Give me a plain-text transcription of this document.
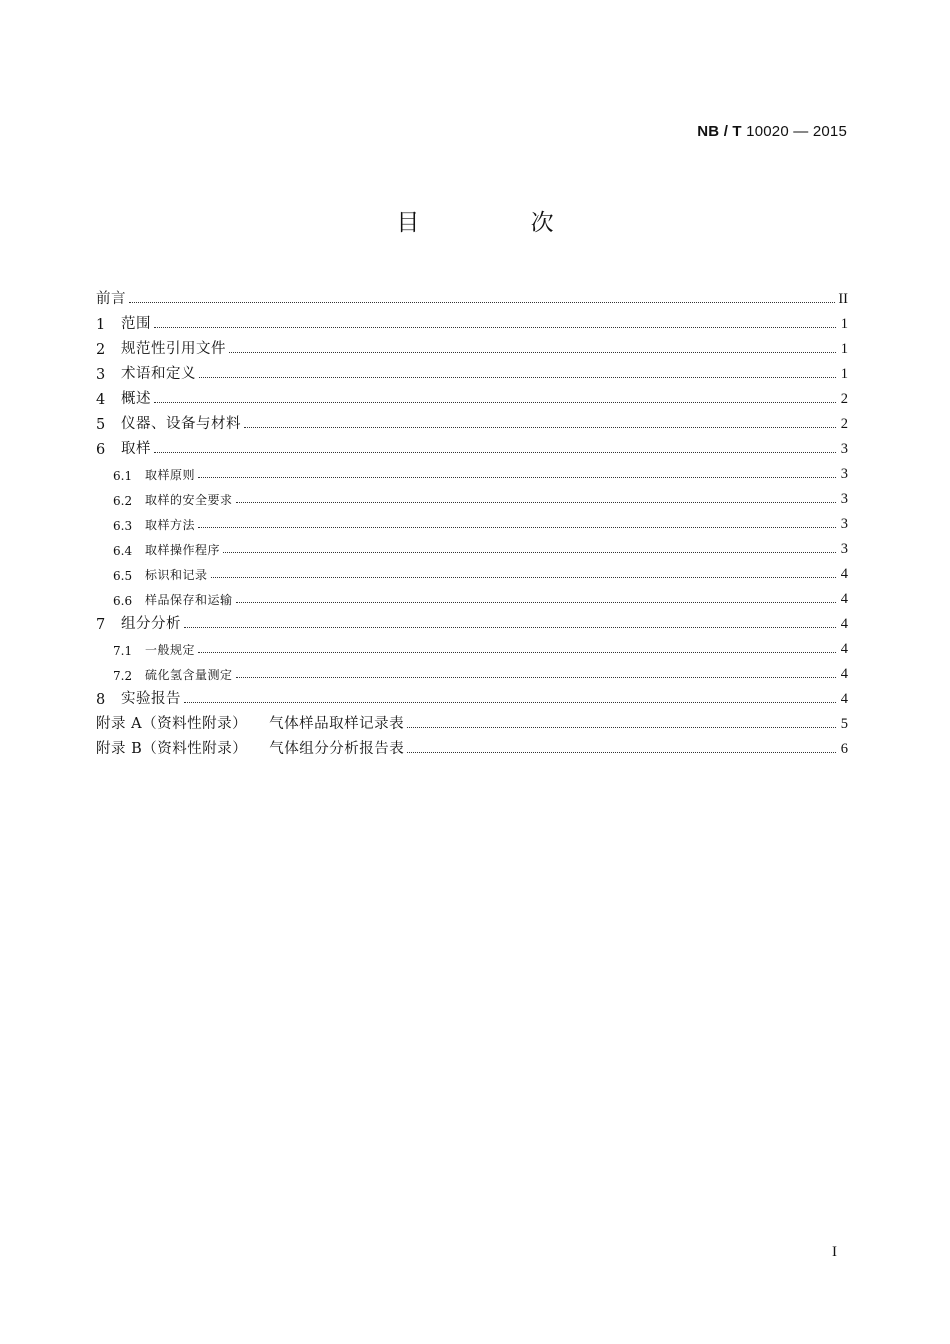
NB / T 10020 — 2015
目 次
前言	II
1	范围	1
2	规范性引用文件	1
3	术语和定义	1
4	概述	2
5	仪器、设备与材料	2
6	取样	3
6.1	取样原则	3
6.2	取样的安全要求	3
6.3	取样方法	3
6.4	取样操作程序	3
6.5	标识和记录	4
6.6	样品保存和运输	4
7	组分分析	4
7.1	一般规定	4
7.2	硫化氢含量测定	4
8	实验报告	4
附录 A（资料性附录） 气体样品取样记录表	5
附录 B（资料性附录） 气体组分分析报告表	6
I
